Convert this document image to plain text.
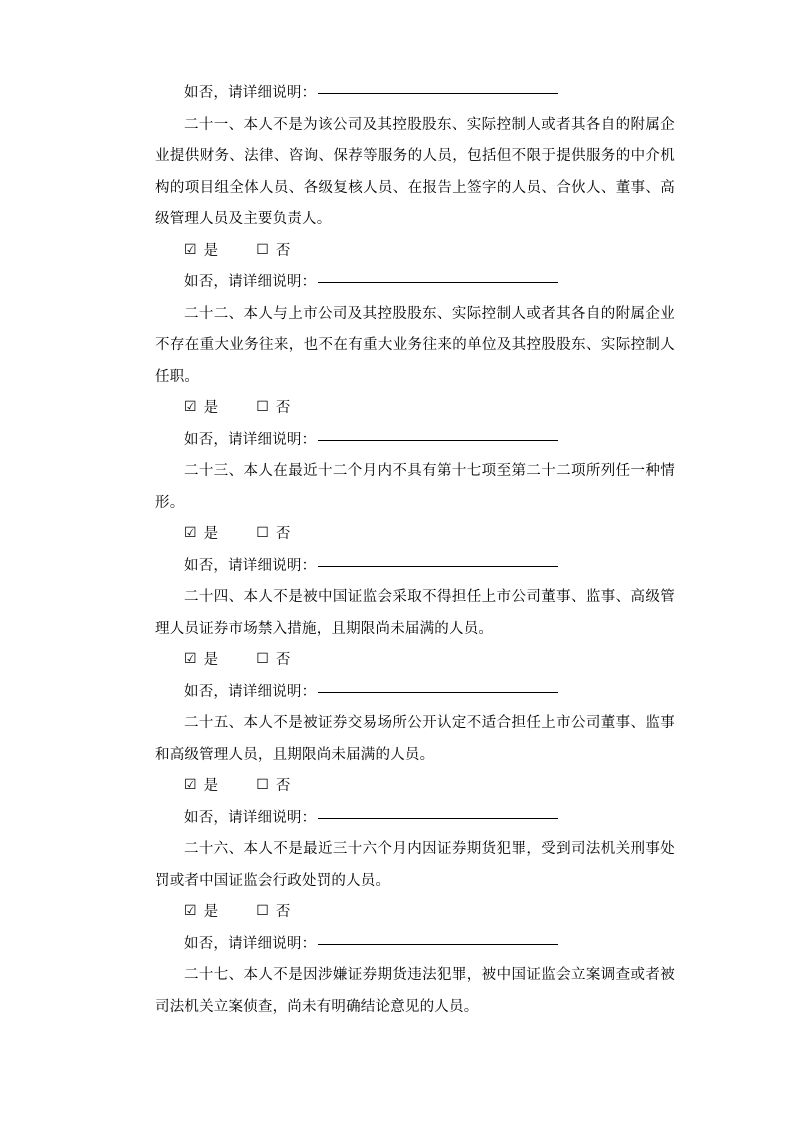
如否，请详细说明：

二十一、本人不是为该公司及其控股股东、实际控制人或者其各自的附属企业提供财务、法律、咨询、保荐等服务的人员，包括但不限于提供服务的中介机构的项目组全体人员、各级复核人员、在报告上签字的人员、合伙人、董事、高级管理人员及主要负责人。

☑ 是	☐ 否

如否，请详细说明：

二十二、本人与上市公司及其控股股东、实际控制人或者其各自的附属企业不存在重大业务往来，也不在有重大业务往来的单位及其控股股东、实际控制人任职。

☑ 是	☐ 否

如否，请详细说明：

二十三、本人在最近十二个月内不具有第十七项至第二十二项所列任一种情形。

☑ 是	☐ 否

如否，请详细说明：

二十四、本人不是被中国证监会采取不得担任上市公司董事、监事、高级管理人员证券市场禁入措施，且期限尚未届满的人员。

☑ 是	☐ 否

如否，请详细说明：

二十五、本人不是被证券交易场所公开认定不适合担任上市公司董事、监事和高级管理人员，且期限尚未届满的人员。

☑ 是	☐ 否

如否，请详细说明：

二十六、本人不是最近三十六个月内因证券期货犯罪，受到司法机关刑事处罚或者中国证监会行政处罚的人员。

☑ 是	☐ 否

如否，请详细说明：

二十七、本人不是因涉嫌证券期货违法犯罪，被中国证监会立案调查或者被司法机关立案侦查，尚未有明确结论意见的人员。
